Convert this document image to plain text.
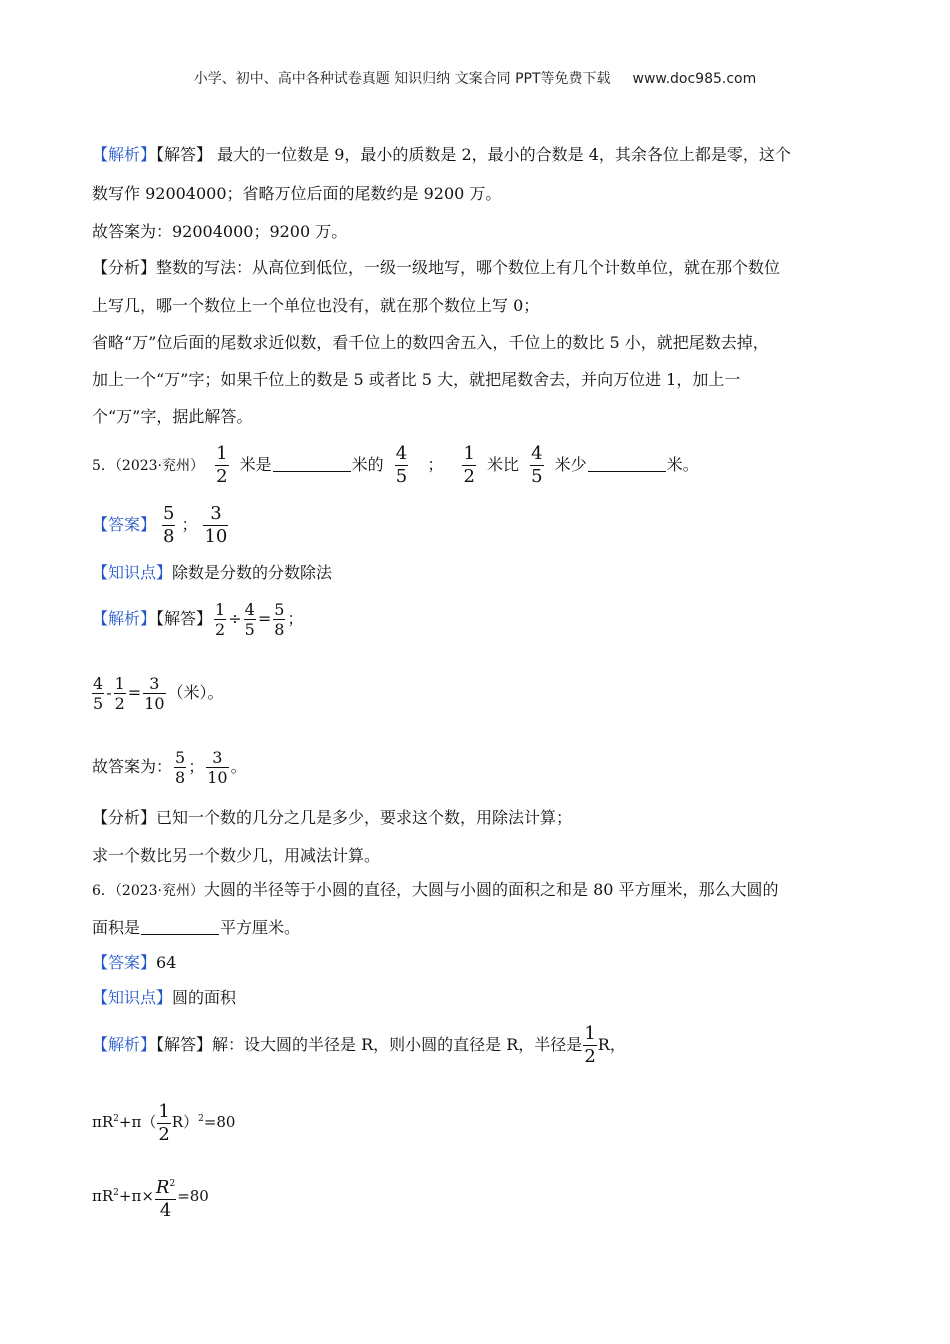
小学、初中、高中各种试卷真题 知识归纳 文案合同 PPT等免费下载 www.doc985.com
【解析】【解答】 最大的一位数是 9，最小的质数是 2，最小的合数是 4，其余各位上都是零，这个
数写作 92004000；省略万位后面的尾数约是 9200 万。
故答案为：92004000；9200 万。
【分析】整数的写法：从高位到低位，一级一级地写，哪个数位上有几个计数单位，就在那个数位
上写几，哪一个数位上一个单位也没有，就在那个数位上写 0；
省略“万”位后面的尾数求近似数，看千位上的数四舍五入，千位上的数比 5 小，就把尾数去掉，
加上一个“万”字；如果千位上的数是 5 或者比 5 大，就把尾数舍去，并向万位进 1，加上一
个“万”字，据此解答。
5．（2023·兖州） $\frac{1}{2}$ 米是	米的 $\frac{4}{5}$ ； $\frac{1}{2}$ 米比 $\frac{4}{5}$ 米少	米。
【答案】 $\frac{5}{8}$ ； $\frac{3}{10}$
【知识点】除数是分数的分数除法
【解析】【解答】 $\frac{1}{2} \div \frac{4}{5} = \frac{5}{8}$ ；
$\frac{4}{5} - \frac{1}{2} = \frac{3}{10}$ （米）。
故答案为： $\frac{5}{8}$ ； $\frac{3}{10}$ 。
【分析】已知一个数的几分之几是多少，要求这个数，用除法计算；
求一个数比另一个数少几，用减法计算。
6．（2023·兖州）大圆的半径等于小圆的直径，大圆与小圆的面积之和是 80 平方厘米，那么大圆的
面积是	平方厘米。
【答案】64
【知识点】圆的面积
【解析】【解答】解：设大圆的半径是 R，则小圆的直径是 R，半径是 $\frac{1}{2}$ R，
$\pi R^2+\pi( \frac{1}{2} R)^2=80$
$\pi R^2+\pi\times \frac{R^2}{4} =80$
